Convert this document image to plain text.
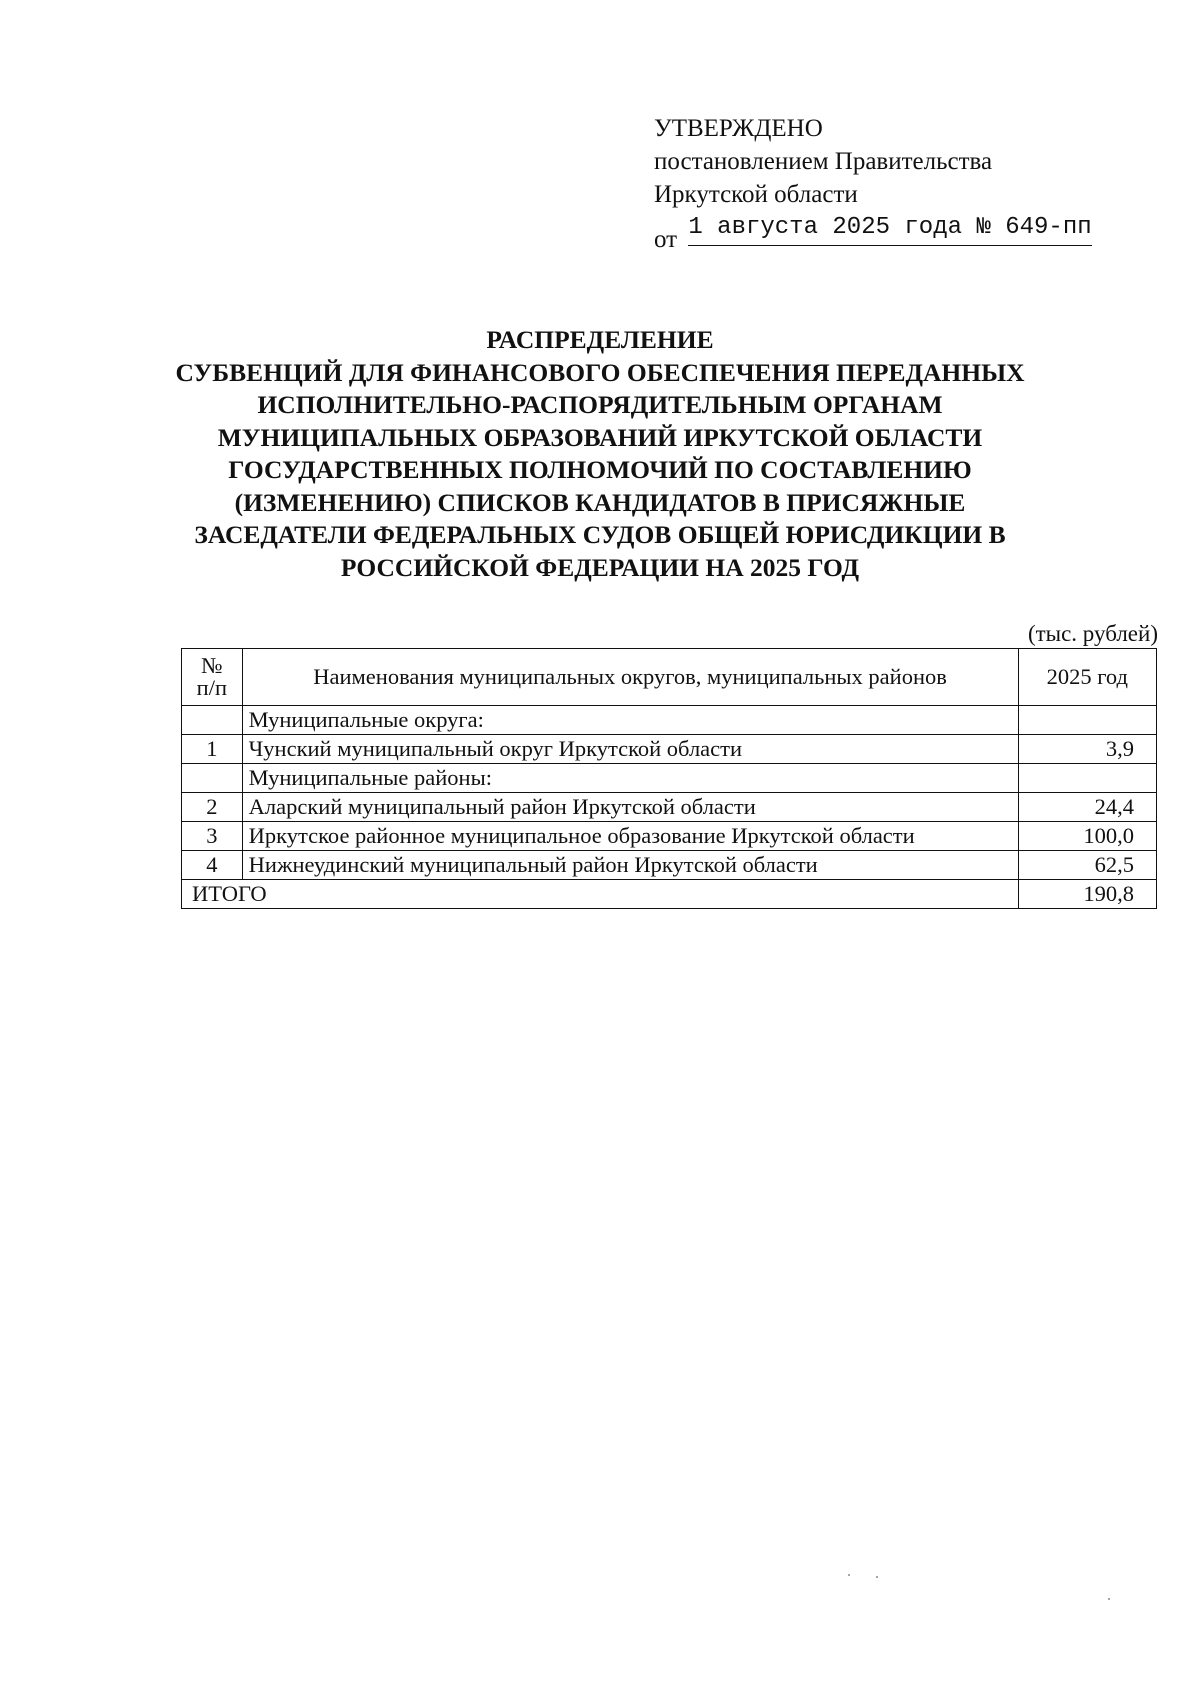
УТВЕРЖДЕНО
постановлением Правительства
Иркутской области
от 1 августа 2025 года № 649-пп
РАСПРЕДЕЛЕНИЕ
СУБВЕНЦИЙ ДЛЯ ФИНАНСОВОГО ОБЕСПЕЧЕНИЯ ПЕРЕДАННЫХ
ИСПОЛНИТЕЛЬНО-РАСПОРЯДИТЕЛЬНЫМ ОРГАНАМ
МУНИЦИПАЛЬНЫХ ОБРАЗОВАНИЙ ИРКУТСКОЙ ОБЛАСТИ
ГОСУДАРСТВЕННЫХ ПОЛНОМОЧИЙ ПО СОСТАВЛЕНИЮ
(ИЗМЕНЕНИЮ) СПИСКОВ КАНДИДАТОВ В ПРИСЯЖНЫЕ
ЗАСЕДАТЕЛИ ФЕДЕРАЛЬНЫХ СУДОВ ОБЩЕЙ ЮРИСДИКЦИИ В
РОССИЙСКОЙ ФЕДЕРАЦИИ НА 2025 ГОД
(тыс. рублей)
№
п/п	Наименования муниципальных округов, муниципальных районов	2025 год
	Муниципальные округа:	
1	Чунский муниципальный округ Иркутской области	3,9
	Муниципальные районы:	
2	Аларский муниципальный район Иркутской области	24,4
3	Иркутское районное муниципальное образование Иркутской области	100,0
4	Нижнеудинский муниципальный район Иркутской области	62,5
ИТОГО		190,8
